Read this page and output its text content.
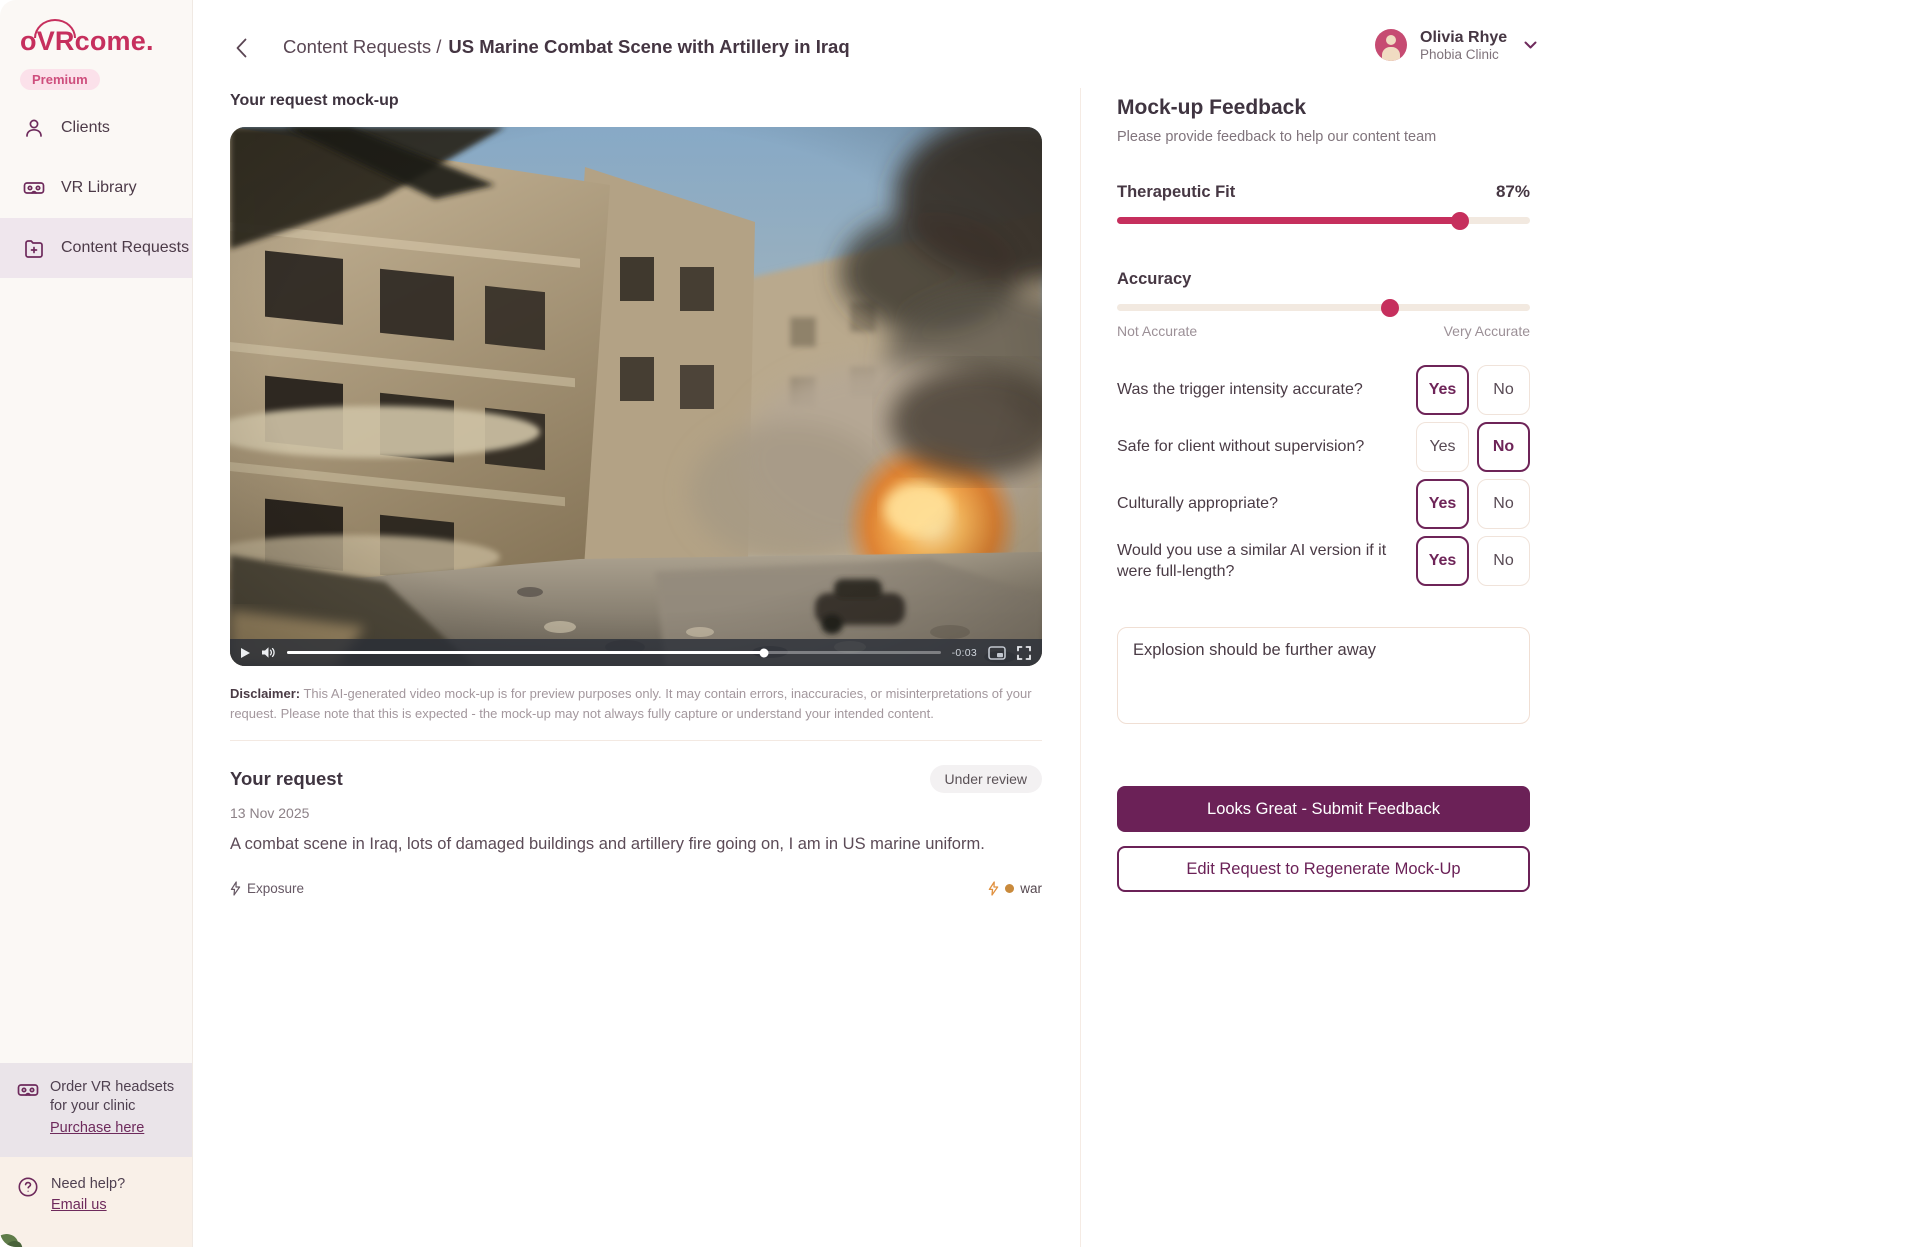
o VR come.
Premium
Clients
VR Library
Content Requests
Order VR headsets
for your clinic
Purchase here
Need help?
Email us
Content Requests / US Marine Combat Scene with Artillery in Iraq	Olivia Rhye
Phobia Clinic
Your request mock-up
-0:03

Disclaimer: This AI-generated video mock-up is for preview purposes only. It may contain errors, inaccuracies, or misinterpretations of your request. Please note that this is expected - the mock-up may not always fully capture or understand your intended content.

Your request	Under review
13 Nov 2025

A combat scene in Iraq, lots of damaged buildings and artillery fire going on, I am in US marine uniform.

Exposure	war
Mock-up Feedback
Please provide feedback to help our content team
Therapeutic Fit	87%
Accuracy
Not Accurate	Very Accurate
Was the trigger intensity accurate?	Yes	No
Safe for client without supervision?	Yes	No
Culturally appropriate?	Yes	No
Would you use a similar AI version if it were full-length?
Yes	No
Explosion should be further away
Looks Great - Submit Feedback
Edit Request to Regenerate Mock-Up
